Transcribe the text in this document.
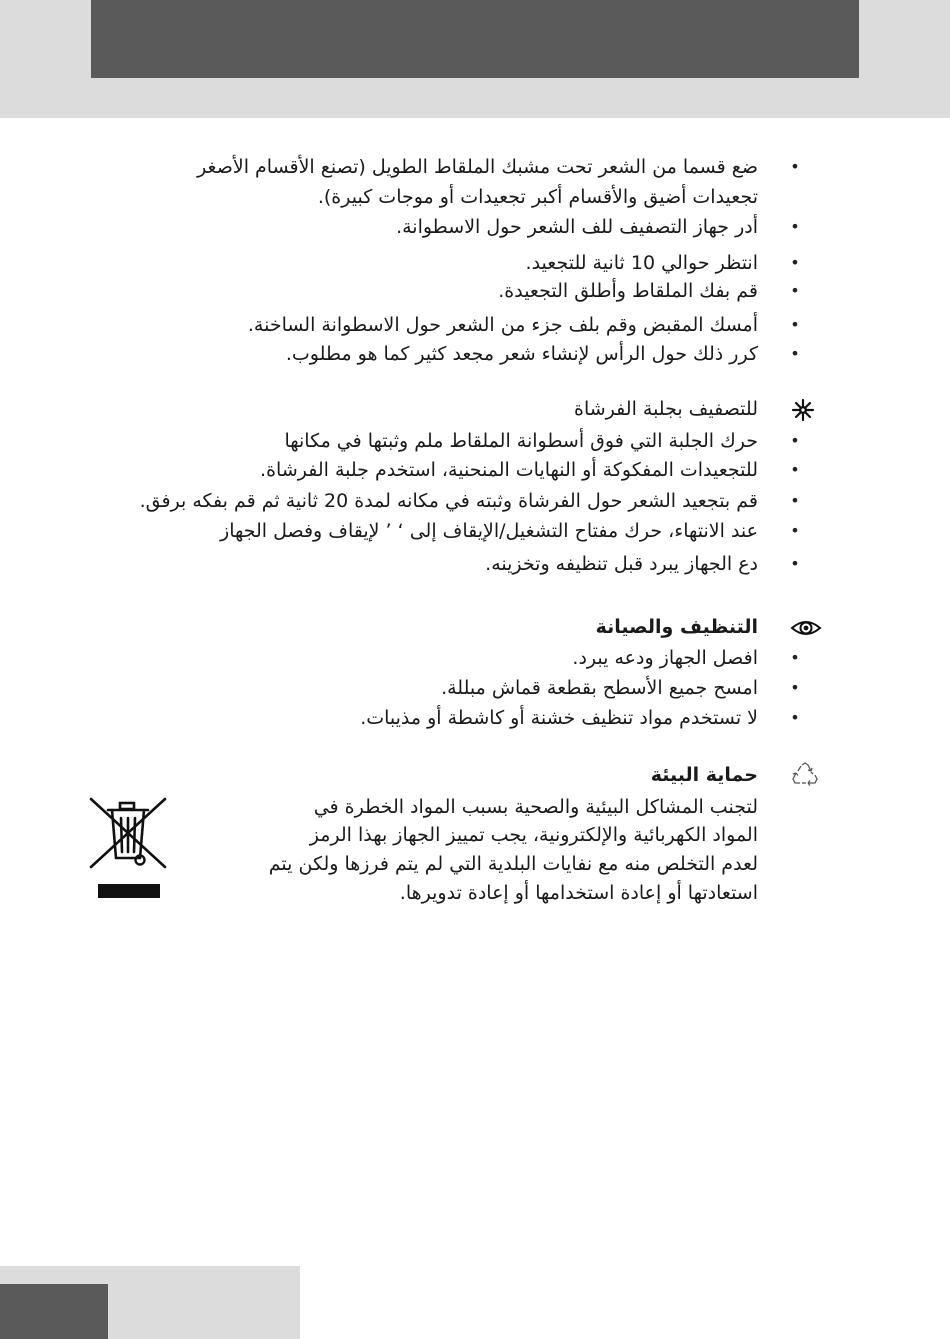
•
ضع قسما من الشعر تحت مشبك الملقاط الطويل (تصنع الأقسام الأصغر
تجعيدات أضيق والأقسام أكبر تجعيدات أو موجات كبيرة).
•
أدر جهاز التصفيف للف الشعر حول الاسطوانة.
•
انتظر حوالي 10 ثانية للتجعيد.
•
قم بفك الملقاط وأطلق التجعيدة.
•
أمسك المقبض وقم بلف جزء من الشعر حول الاسطوانة الساخنة.
•
كرر ذلك حول الرأس لإنشاء شعر مجعد كثير كما هو مطلوب.
للتصفيف بجلبة الفرشاة
•
حرك الجلبة التي فوق أسطوانة الملقاط ملم وثبتها في مكانها
•
للتجعيدات المفكوكة أو النهايات المنحنية، استخدم جلبة الفرشاة.
•
قم بتجعيد الشعر حول الفرشاة وثبته في مكانه لمدة 20 ثانية ثم قم بفكه برفق.
•
عند الانتهاء، حرك مفتاح التشغيل/الإيقاف إلى ‘ ’ لإيقاف وفصل الجهاز
•
دع الجهاز يبرد قبل تنظيفه وتخزينه.
التنظيف والصيانة
•
افصل الجهاز ودعه يبرد.
•
امسح جميع الأسطح بقطعة قماش مبللة.
•
لا تستخدم مواد تنظيف خشنة أو كاشطة أو مذيبات.
حماية البيئة
لتجنب المشاكل البيئية والصحية بسبب المواد الخطرة في
المواد الكهربائية والإلكترونية، يجب تمييز الجهاز بهذا الرمز
لعدم التخلص منه مع نفايات البلدية التي لم يتم فرزها ولكن يتم
استعادتها أو إعادة استخدامها أو إعادة تدويرها.
